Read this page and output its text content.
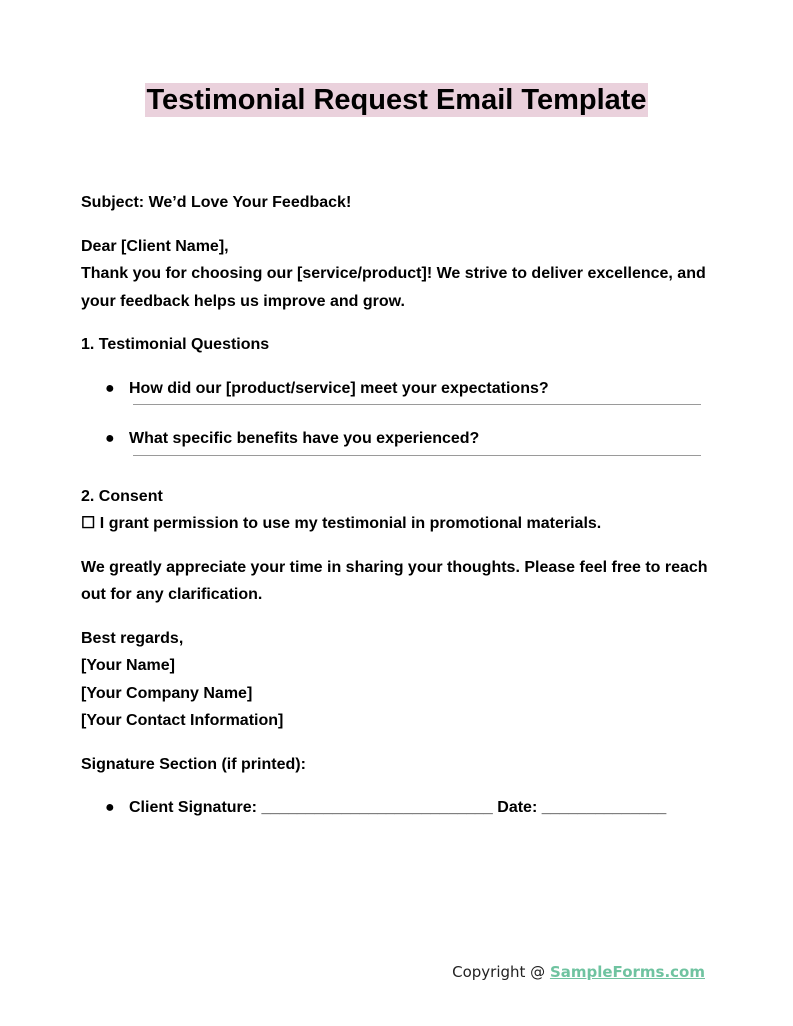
Testimonial Request Email Template

Subject: We’d Love Your Feedback!

Dear [Client Name],

Thank you for choosing our [service/product]! We strive to deliver excellence, and your feedback helps us improve and grow.

1. Testimonial Questions

● How did our [product/service] meet your expectations?
● What specific benefits have you experienced?

2. Consent

☐ I grant permission to use my testimonial in promotional materials.

We greatly appreciate your time in sharing your thoughts. Please feel free to reach out for any clarification.

Best regards,

[Your Name]

[Your Company Name]

[Your Contact Information]

Signature Section (if printed):

● Client Signature: __________________________ Date: ______________
Copyright @ SampleForms.com
